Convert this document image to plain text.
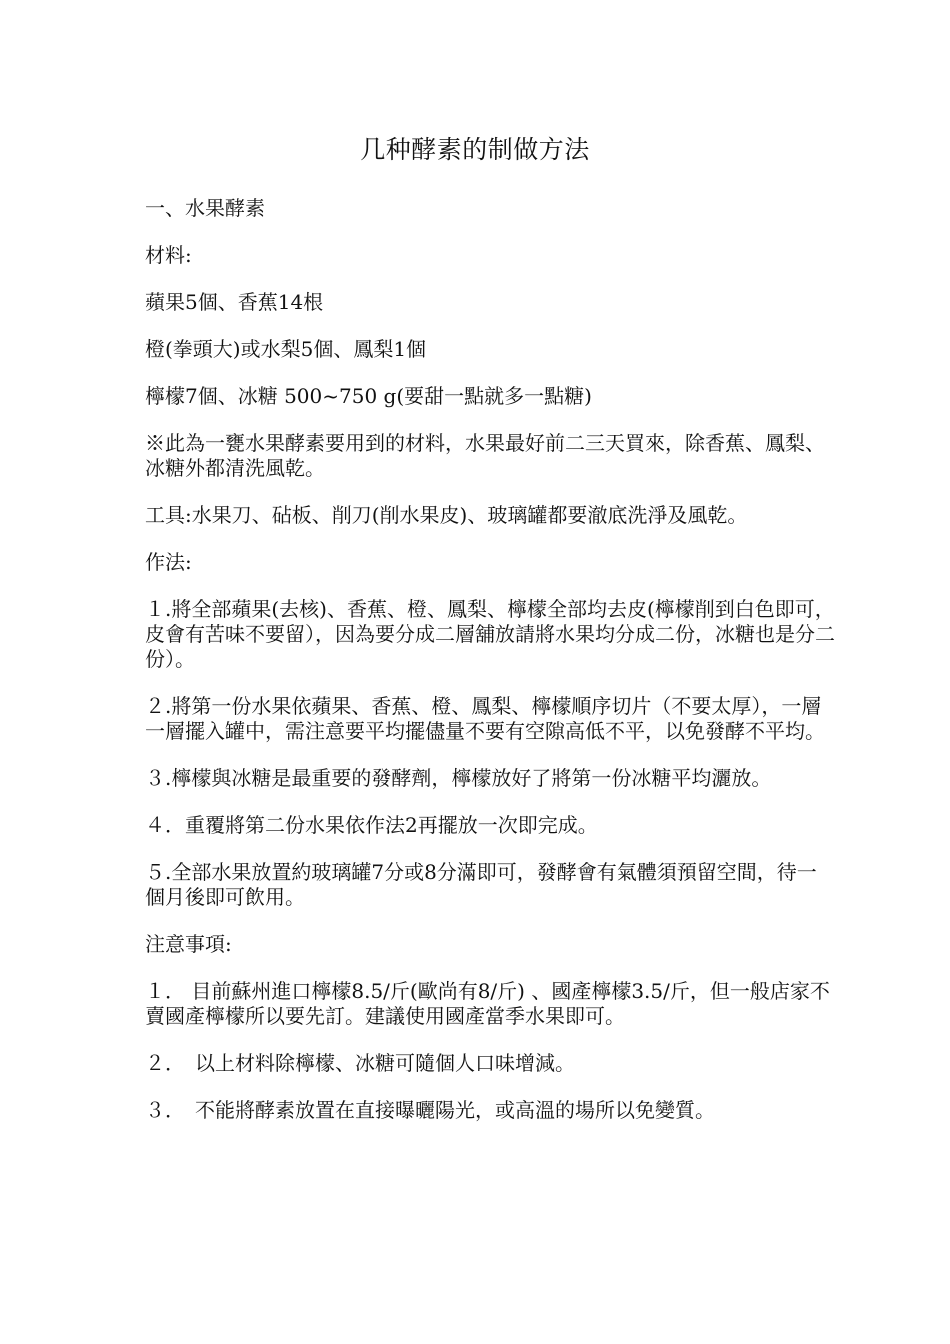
几种酵素的制做方法

一、水果酵素

材料:

蘋果5個、香蕉14根

橙(拳頭大)或水梨5個、鳳梨1個

檸檬7個、冰糖 500~750 g(要甜一點就多一點糖)

※此為一甕水果酵素要用到的材料，水果最好前二三天買來，除香蕉、鳳梨、冰糖外都清洗風乾。

工具:水果刀、砧板、削刀(削水果皮)、玻璃罐都要澈底洗淨及風乾。

作法:

１.將全部蘋果(去核)、香蕉、橙、鳳梨、檸檬全部均去皮(檸檬削到白色即可，皮會有苦味不要留），因為要分成二層舖放請將水果均分成二份，冰糖也是分二份）。

２.將第一份水果依蘋果、香蕉、橙、鳳梨、檸檬順序切片（不要太厚），一層一層擺入罐中，需注意要平均擺儘量不要有空隙高低不平，以免發酵不平均。

３.檸檬與冰糖是最重要的發酵劑，檸檬放好了將第一份冰糖平均灑放。

４．重覆將第二份水果依作法2再擺放一次即完成。

５.全部水果放置約玻璃罐7分或8分滿即可，發酵會有氣體須預留空間，待一個月後即可飲用。

注意事項:

１． 目前蘇州進口檸檬8.5/斤(歐尚有8/斤) 、國產檸檬3.5/斤，但一般店家不賣國產檸檬所以要先訂。建議使用國產當季水果即可。

２．　以上材料除檸檬、冰糖可隨個人口味增減。

３．　不能將酵素放置在直接曝曬陽光，或高溫的場所以免變質。
